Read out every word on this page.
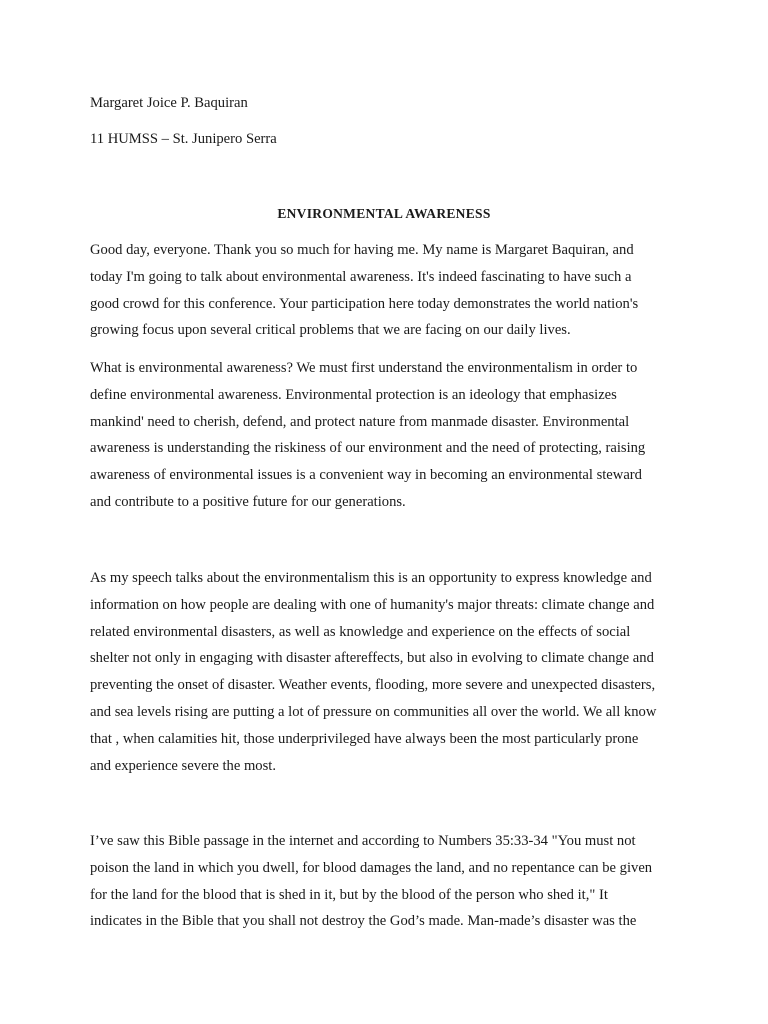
Margaret Joice P. Baquiran
11 HUMSS – St. Junipero Serra
ENVIRONMENTAL AWARENESS
Good day, everyone. Thank you so much for having me. My name is Margaret Baquiran, and
today I'm going to talk about environmental awareness. It's indeed fascinating to have such a
good crowd for this conference. Your participation here today demonstrates the world nation's
growing focus upon several critical problems that we are facing on our daily lives.
What is environmental awareness? We must first understand the environmentalism in order to
define environmental awareness. Environmental protection is an ideology that emphasizes
mankind' need to cherish, defend, and protect nature from manmade disaster. Environmental
awareness is understanding the riskiness of our environment and the need of protecting, raising
awareness of environmental issues is a convenient way in becoming an environmental steward
and contribute to a positive future for our generations.
As my speech talks about the environmentalism this is an opportunity to express knowledge and
information on how people are dealing with one of humanity's major threats: climate change and
related environmental disasters, as well as knowledge and experience on the effects of social
shelter not only in engaging with disaster aftereffects, but also in evolving to climate change and
preventing the onset of disaster. Weather events, flooding, more severe and unexpected disasters,
and sea levels rising are putting a lot of pressure on communities all over the world. We all know
that , when calamities hit, those underprivileged have always been the most particularly prone
and experience severe the most.
I’ve saw this Bible passage in the internet and according to Numbers 35:33-34 "You must not
poison the land in which you dwell, for blood damages the land, and no repentance can be given
for the land for the blood that is shed in it, but by the blood of the person who shed it," It
indicates in the Bible that you shall not destroy the God’s made. Man-made’s disaster was the
